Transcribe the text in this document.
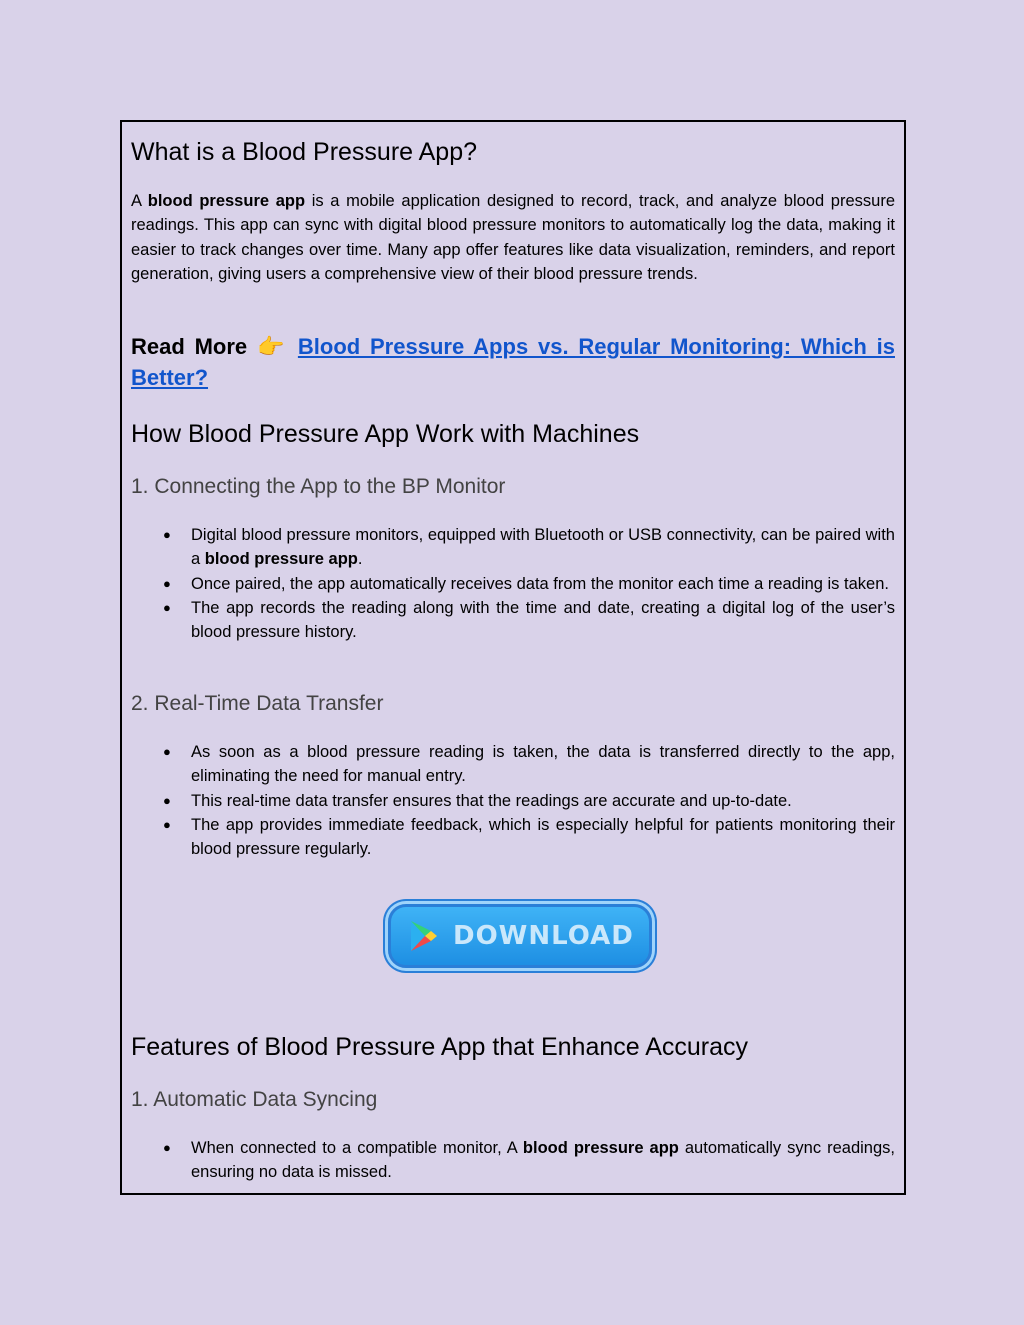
What is a Blood Pressure App?

A blood pressure app is a mobile application designed to record, track, and analyze blood pressure readings. This app can sync with digital blood pressure monitors to automatically log the data, making it easier to track changes over time. Many app offer features like data visualization, reminders, and report generation, giving users a comprehensive view of their blood pressure trends.

Read More 👉 Blood Pressure Apps vs. Regular Monitoring: Which is Better?

How Blood Pressure App Work with Machines
1. Connecting the App to the BP Monitor
● Digital blood pressure monitors, equipped with Bluetooth or USB connectivity, can be paired with a blood pressure app.
● Once paired, the app automatically receives data from the monitor each time a reading is taken.
● The app records the reading along with the time and date, creating a digital log of the user’s blood pressure history.
2. Real-Time Data Transfer
● As soon as a blood pressure reading is taken, the data is transferred directly to the app, eliminating the need for manual entry.
● This real-time data transfer ensures that the readings are accurate and up-to-date.
● The app provides immediate feedback, which is especially helpful for patients monitoring their blood pressure regularly.
DOWNLOAD
Features of Blood Pressure App that Enhance Accuracy
1. Automatic Data Syncing
● When connected to a compatible monitor, A blood pressure app automatically sync readings, ensuring no data is missed.
